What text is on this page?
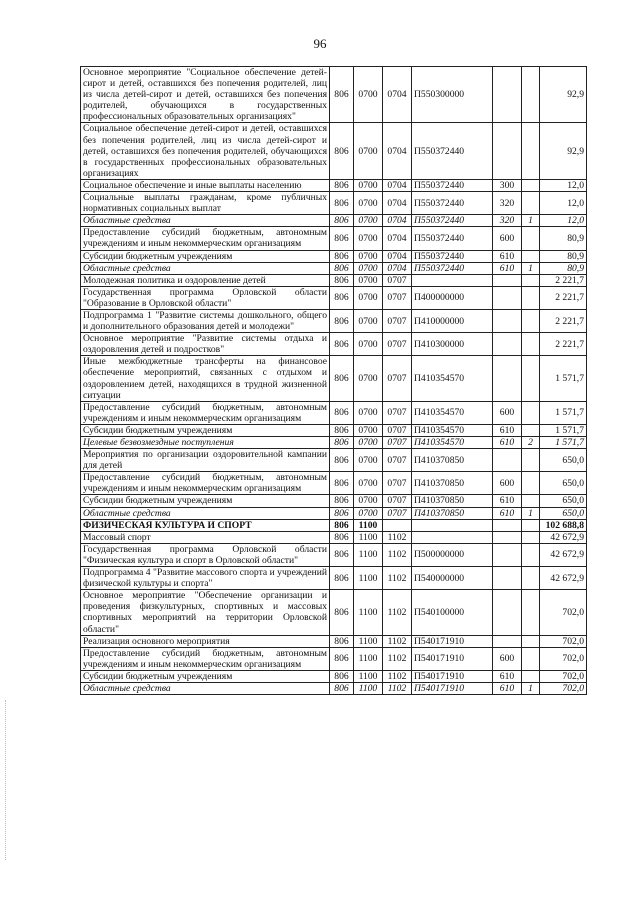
96
Основное мероприятие "Социальное обеспечение детей-сирот и детей, оставшихся без попечения родителей, лиц из числа детей-сирот и детей, оставшихся без попечения родителей, обучающихся в государственных профессиональных образовательных организациях"	806	0700	0704	П550300000			92,9
Социальное обеспечение детей-сирот и детей, оставшихся без попечения родителей, лиц из числа детей-сирот и детей, оставшихся без попечения родителей, обучающихся в государственных профессиональных образовательных организациях	806	0700	0704	П550372440			92,9
Социальное обеспечение и иные выплаты населению	806	0700	0704	П550372440	300		12,0
Социальные выплаты гражданам, кроме публичных нормативных социальных выплат	806	0700	0704	П550372440	320		12,0
Областные средства	806	0700	0704	П550372440	320	1	12,0
Предоставление субсидий бюджетным, автономным учреждениям и иным некоммерческим организациям	806	0700	0704	П550372440	600		80,9
Субсидии бюджетным учреждениям	806	0700	0704	П550372440	610		80,9
Областные средства	806	0700	0704	П550372440	610	1	80,9
Молодежная политика и оздоровление детей	806	0700	0707				2 221,7
Государственная программа Орловской области "Образование в Орловской области"	806	0700	0707	П400000000			2 221,7
Подпрограмма 1 "Развитие системы дошкольного, общего и дополнительного образования детей и молодежи"	806	0700	0707	П410000000			2 221,7
Основное мероприятие "Развитие системы отдыха и оздоровления детей и подростков"	806	0700	0707	П410300000			2 221,7
Иные межбюджетные трансферты на финансовое обеспечение мероприятий, связанных с отдыхом и оздоровлением детей, находящихся в трудной жизненной ситуации	806	0700	0707	П410354570			1 571,7
Предоставление субсидий бюджетным, автономным учреждениям и иным некоммерческим организациям	806	0700	0707	П410354570	600		1 571,7
Субсидии бюджетным учреждениям	806	0700	0707	П410354570	610		1 571,7
Целевые безвозмездные поступления	806	0700	0707	П410354570	610	2	1 571,7
Мероприятия по организации оздоровительной кампании для детей	806	0700	0707	П410370850			650,0
Предоставление субсидий бюджетным, автономным учреждениям и иным некоммерческим организациям	806	0700	0707	П410370850	600		650,0
Субсидии бюджетным учреждениям	806	0700	0707	П410370850	610		650,0
Областные средства	806	0700	0707	П410370850	610	1	650,0
ФИЗИЧЕСКАЯ КУЛЬТУРА И СПОРТ	806	1100					102 688,8
Массовый спорт	806	1100	1102				42 672,9
Государственная программа Орловской области "Физическая культура и спорт в Орловской области"	806	1100	1102	П500000000			42 672,9
Подпрограмма 4 "Развитие массового спорта и учреждений физической культуры и спорта"	806	1100	1102	П540000000			42 672,9
Основное мероприятие "Обеспечение организации и проведения физкультурных, спортивных и массовых спортивных мероприятий на территории Орловской области"	806	1100	1102	П540100000			702,0
Реализация основного мероприятия	806	1100	1102	П540171910			702,0
Предоставление субсидий бюджетным, автономным учреждениям и иным некоммерческим организациям	806	1100	1102	П540171910	600		702,0
Субсидии бюджетным учреждениям	806	1100	1102	П540171910	610		702,0
Областные средства	806	1100	1102	П540171910	610	1	702,0
